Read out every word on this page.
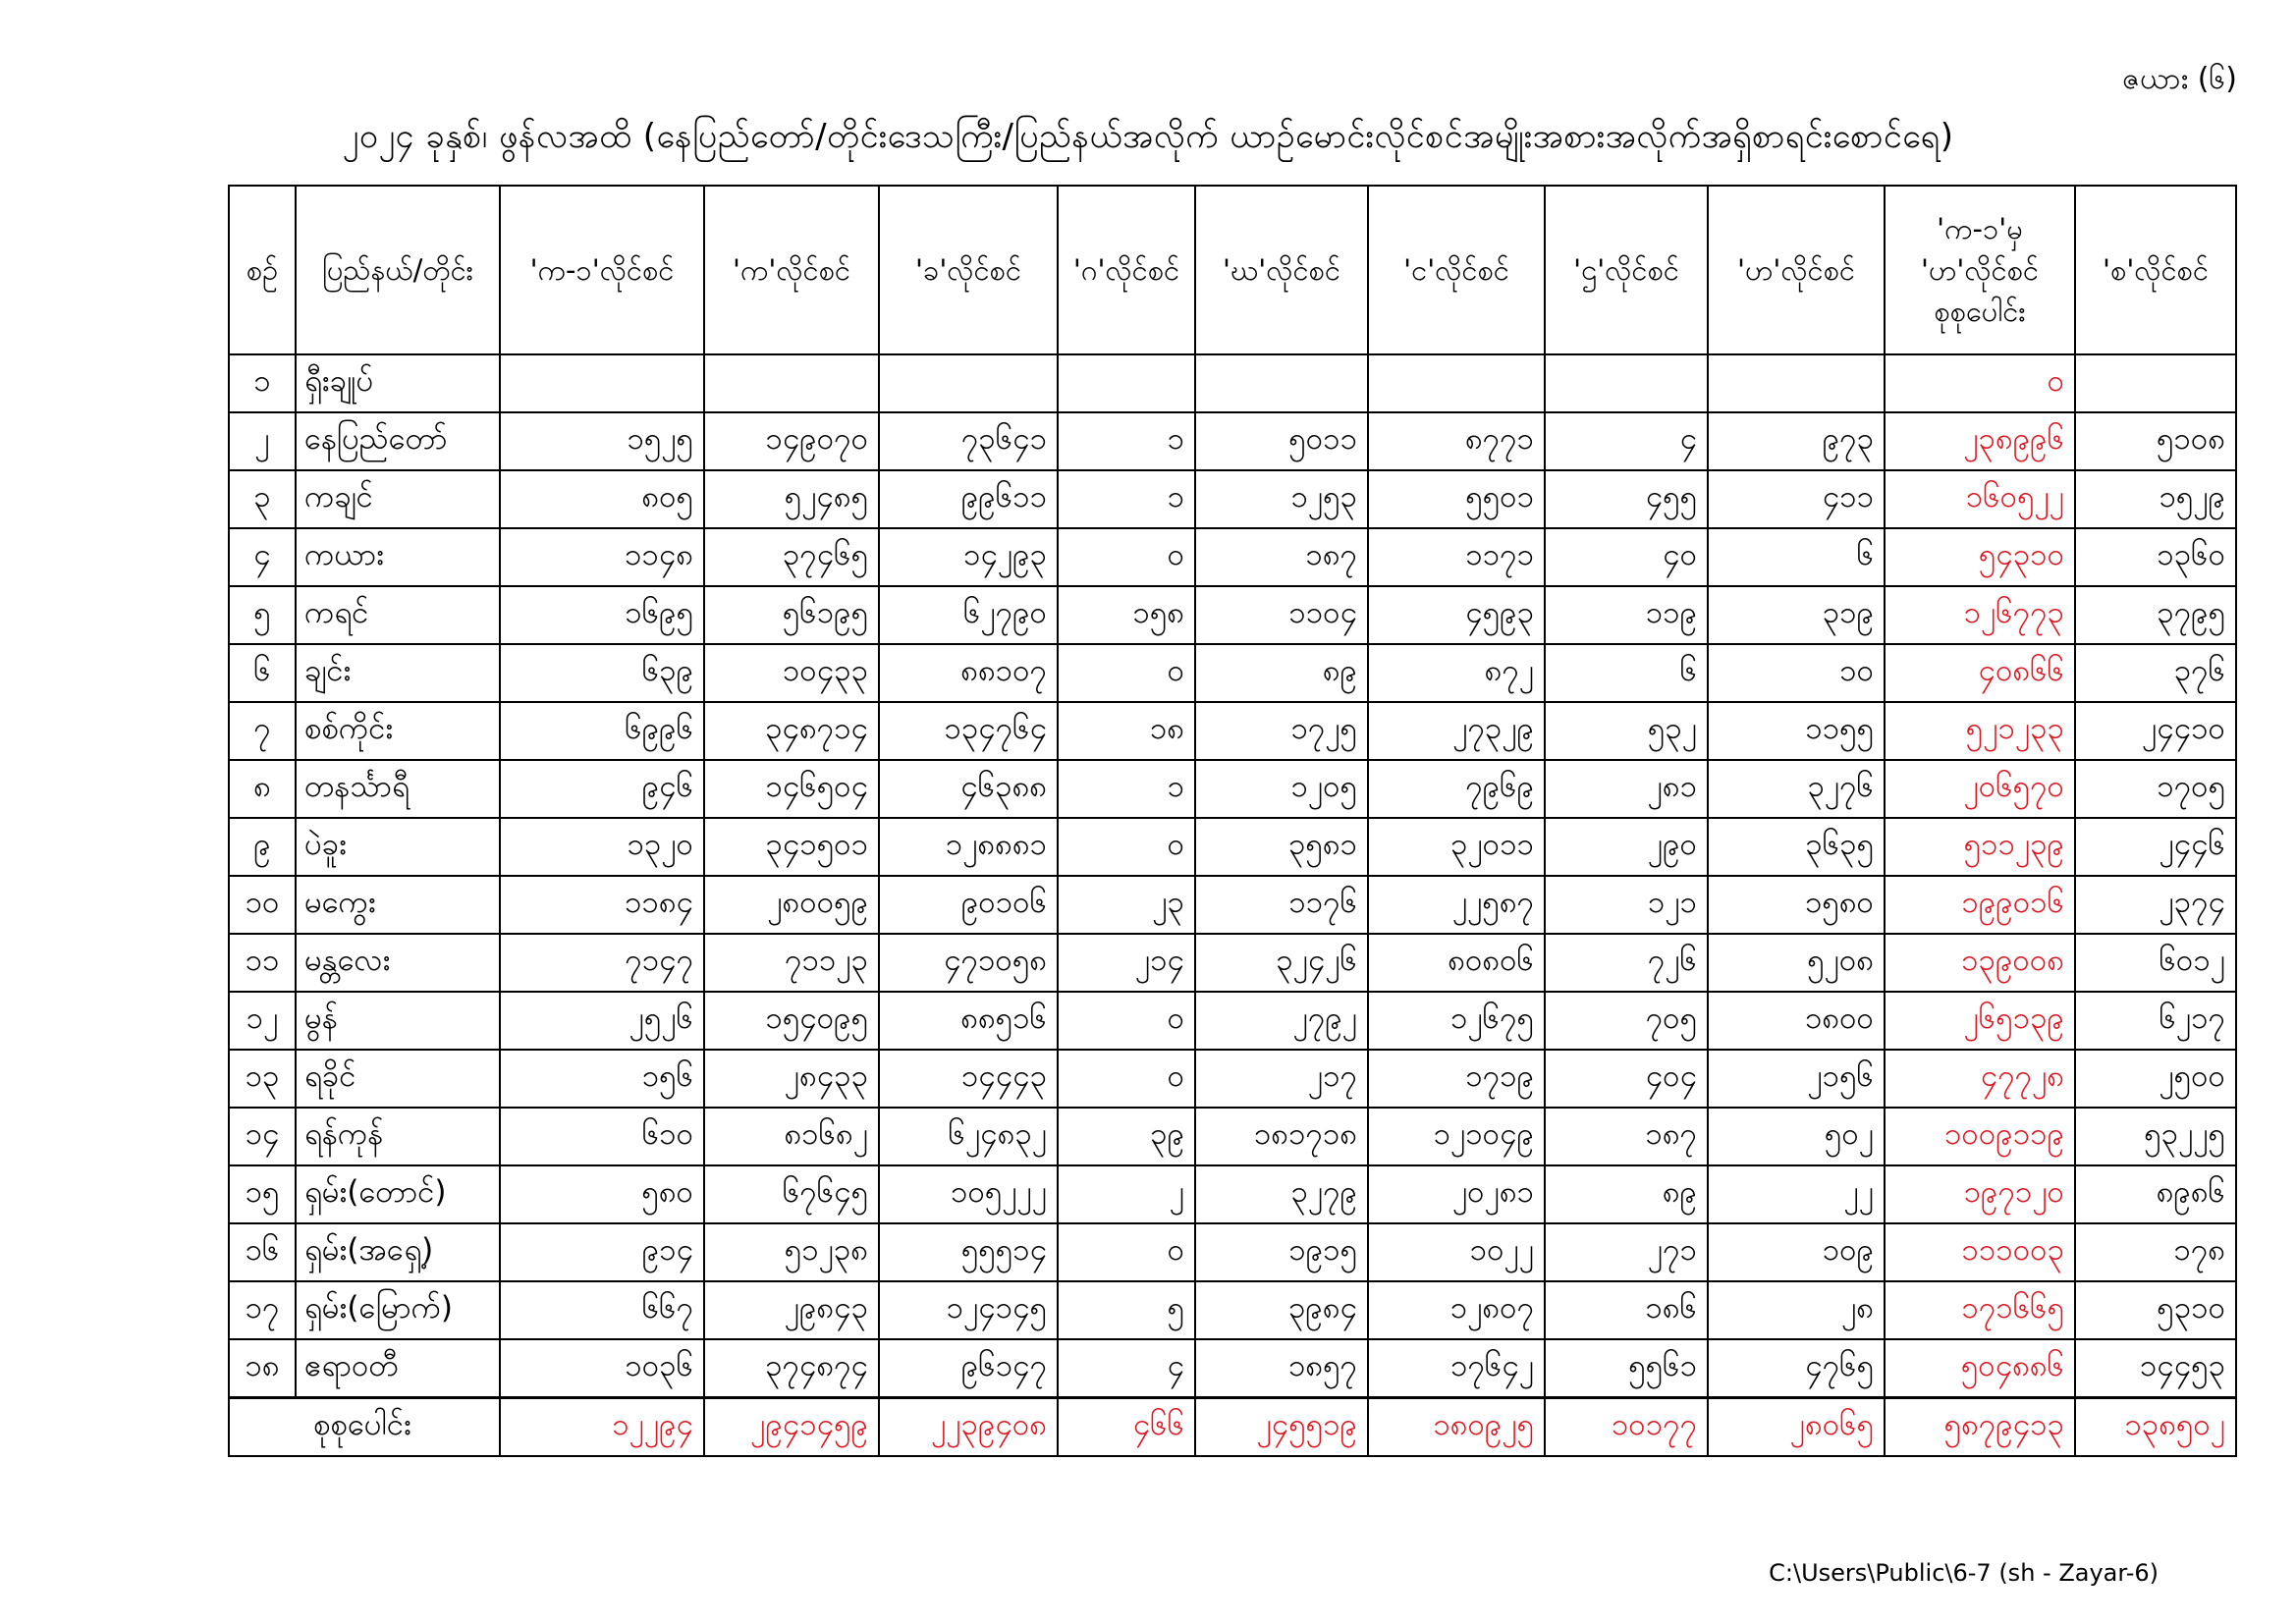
ဇယား (၆)
၂၀၂၄ ခုနှစ်၊ ဖွန်လအထိ (နေပြည်တော်/တိုင်းဒေသကြီး/ပြည်နယ်အလိုက် ယာဉ်မောင်းလိုင်စင်အမျိုးအစားအလိုက်အရှိစာရင်းစောင်ရေ)
စဉ်	ပြည်နယ်/တိုင်း	'က-၁'လိုင်စင်	'က'လိုင်စင်	'ခ'လိုင်စင်	'ဂ'လိုင်စင်	'ဃ'လိုင်စင်	'င'လိုင်စင်	'ဌ'လိုင်စင်	'ဟ'လိုင်စင်	'က-၁'မှ 'ဟ'လိုင်စင် စုစုပေါင်း	'စ'လိုင်စင်
၁	ရှီးချုပ်									၀	
၂	နေပြည်တော်	၁၅၂၅	၁၄၉၀၇၀	၇၃၆၄၁	၁	၅၀၁၁	၈၇၇၁	၄	၉၇၃	၂၃၈၉၉၆	၅၁၀၈
၃	ကချင်	၈၀၅	၅၂၄၈၅	၉၉၆၁၁	၁	၁၂၅၃	၅၅၀၁	၄၅၅	၄၁၁	၁၆၀၅၂၂	၁၅၂၉
၄	ကယား	၁၁၄၈	၃၇၄၆၅	၁၄၂၉၃	၀	၁၈၇	၁၁၇၁	၄၀	၆	၅၄၃၁၀	၁၃၆၀
၅	ကရင်	၁၆၉၅	၅၆၁၉၅	၆၂၇၉၀	၁၅၈	၁၁၀၄	၄၅၉၃	၁၁၉	၃၁၉	၁၂၆၇၇၃	၃၇၉၅
၆	ချင်း	၆၃၉	၁၀၄၃၃	၈၈၁၀၇	၀	၈၉	၈၇၂	၆	၁၀	၄၀၈၆၆	၃၇၆
၇	စစ်ကိုင်း	၆၉၉၆	၃၄၈၇၁၄	၁၃၄၇၆၄	၁၈	၁၇၂၅	၂၇၃၂၉	၅၃၂	၁၁၅၅	၅၂၁၂၃၃	၂၄၄၁၀
၈	တနင်္သာရီ	၉၄၆	၁၄၆၅၀၄	၄၆၃၈၈	၁	၁၂၀၅	၇၉၆၉	၂၈၁	၃၂၇၆	၂၀၆၅၇၀	၁၇၀၅
၉	ပဲခူး	၁၃၂၀	၃၄၁၅၀၁	၁၂၈၈၈၁	၀	၃၅၈၁	၃၂၀၁၁	၂၉၀	၃၆၃၅	၅၁၁၂၃၉	၂၄၄၆
၁၀	မကွေး	၁၁၈၄	၂၈၀၀၅၉	၉၀၁၀၆	၂၃	၁၁၇၆	၂၂၅၈၇	၁၂၁	၁၅၈၀	၁၉၉၀၁၆	၂၃၇၄
၁၁	မန္တလေး	၇၁၄၇	၇၁၁၂၃	၄၇၁၀၅၈	၂၁၄	၃၂၄၂၆	၈၀၈၀၆	၇၂၆	၅၂၀၈	၁၃၉၀၀၈	၆၀၁၂
၁၂	မွန်	၂၅၂၆	၁၅၄၀၉၅	၈၈၅၁၆	၀	၂၇၉၂	၁၂၆၇၅	၇၀၅	၁၈၀၀	၂၆၅၁၃၉	၆၂၁၇
၁၃	ရခိုင်	၁၅၆	၂၈၄၃၃	၁၄၄၄၃	၀	၂၁၇	၁၇၁၉	၄၀၄	၂၁၅၆	၄၇၇၂၈	၂၅၀၀
၁၄	ရန်ကုန်	၆၁၀	၈၁၆၈၂	၆၂၄၈၃၂	၃၉	၁၈၁၇၁၈	၁၂၁၀၄၉	၁၈၇	၅၀၂	၁၀၀၉၁၁၉	၅၃၂၂၅
၁၅	ရှမ်း(တောင်)	၅၈၀	၆၇၆၄၅	၁၀၅၂၂၂	၂	၃၂၇၉	၂၀၂၈၁	၈၉	၂၂	၁၉၇၁၂၀	၈၉၈၆
၁၆	ရှမ်း(အရှေ့)	၉၁၄	၅၁၂၃၈	၅၅၅၁၄	၀	၁၉၁၅	၁၀၂၂	၂၇၁	၁၀၉	၁၁၁၀၀၃	၁၇၈
၁၇	ရှမ်း(မြောက်)	၆၆၇	၂၉၈၄၃	၁၂၄၁၄၅	၅	၃၉၈၄	၁၂၈၀၇	၁၈၆	၂၈	၁၇၁၆၆၅	၅၃၁၀
၁၈	ဧရာဝတီ	၁၀၃၆	၃၇၄၈၇၄	၉၆၁၄၇	၄	၁၈၅၇	၁၇၆၄၂	၅၅၆၁	၄၇၆၅	၅၀၄၈၈၆	၁၄၄၅၃
စုစုပေါင်း		၁၂၂၉၄	၂၉၄၁၄၅၉	၂၂၃၉၄၀၈	၄၆၆	၂၄၅၅၁၉	၁၈၀၉၂၅	၁၀၁၇၇	၂၈၀၆၅	၅၈၇၉၄၁၃	၁၃၈၅၀၂
C:\Users\Public\6-7 (sh - Zayar-6)
